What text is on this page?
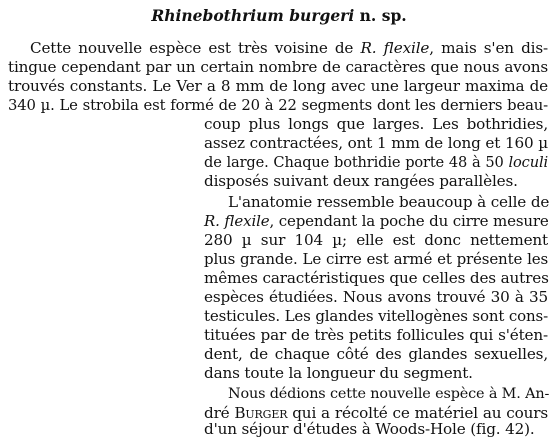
Rhinebothrium burgeri n. sp.

Cette nouvelle espèce est très voisine de R. flexile, mais s'en dis-

tingue cependant par un certain nombre de caractères que nous avons

trouvés constants. Le Ver a 8 mm de long avec une largeur maxima de

340 µ. Le strobila est formé de 20 à 22 segments dont les derniers beau-

coup plus longs que larges. Les bothridies,

assez contractées, ont 1 mm de long et 160 µ

de large. Chaque bothridie porte 48 à 50 loculi

disposés suivant deux rangées parallèles.

L'anatomie ressemble beaucoup à celle de

R. flexile, cependant la poche du cirre mesure

280 µ sur 104 µ; elle est donc nettement

plus grande. Le cirre est armé et présente les

mêmes caractéristiques que celles des autres

espèces étudiées. Nous avons trouvé 30 à 35

testicules. Les glandes vitellogènes sont cons-

tituées par de très petits follicules qui s'éten-

dent, de chaque côté des glandes sexuelles,

dans toute la longueur du segment.

Nous dédions cette nouvelle espèce à M. An-

dré Burger qui a récolté ce matériel au cours

d'un séjour d'études à Woods-Hole (fig. 42).
